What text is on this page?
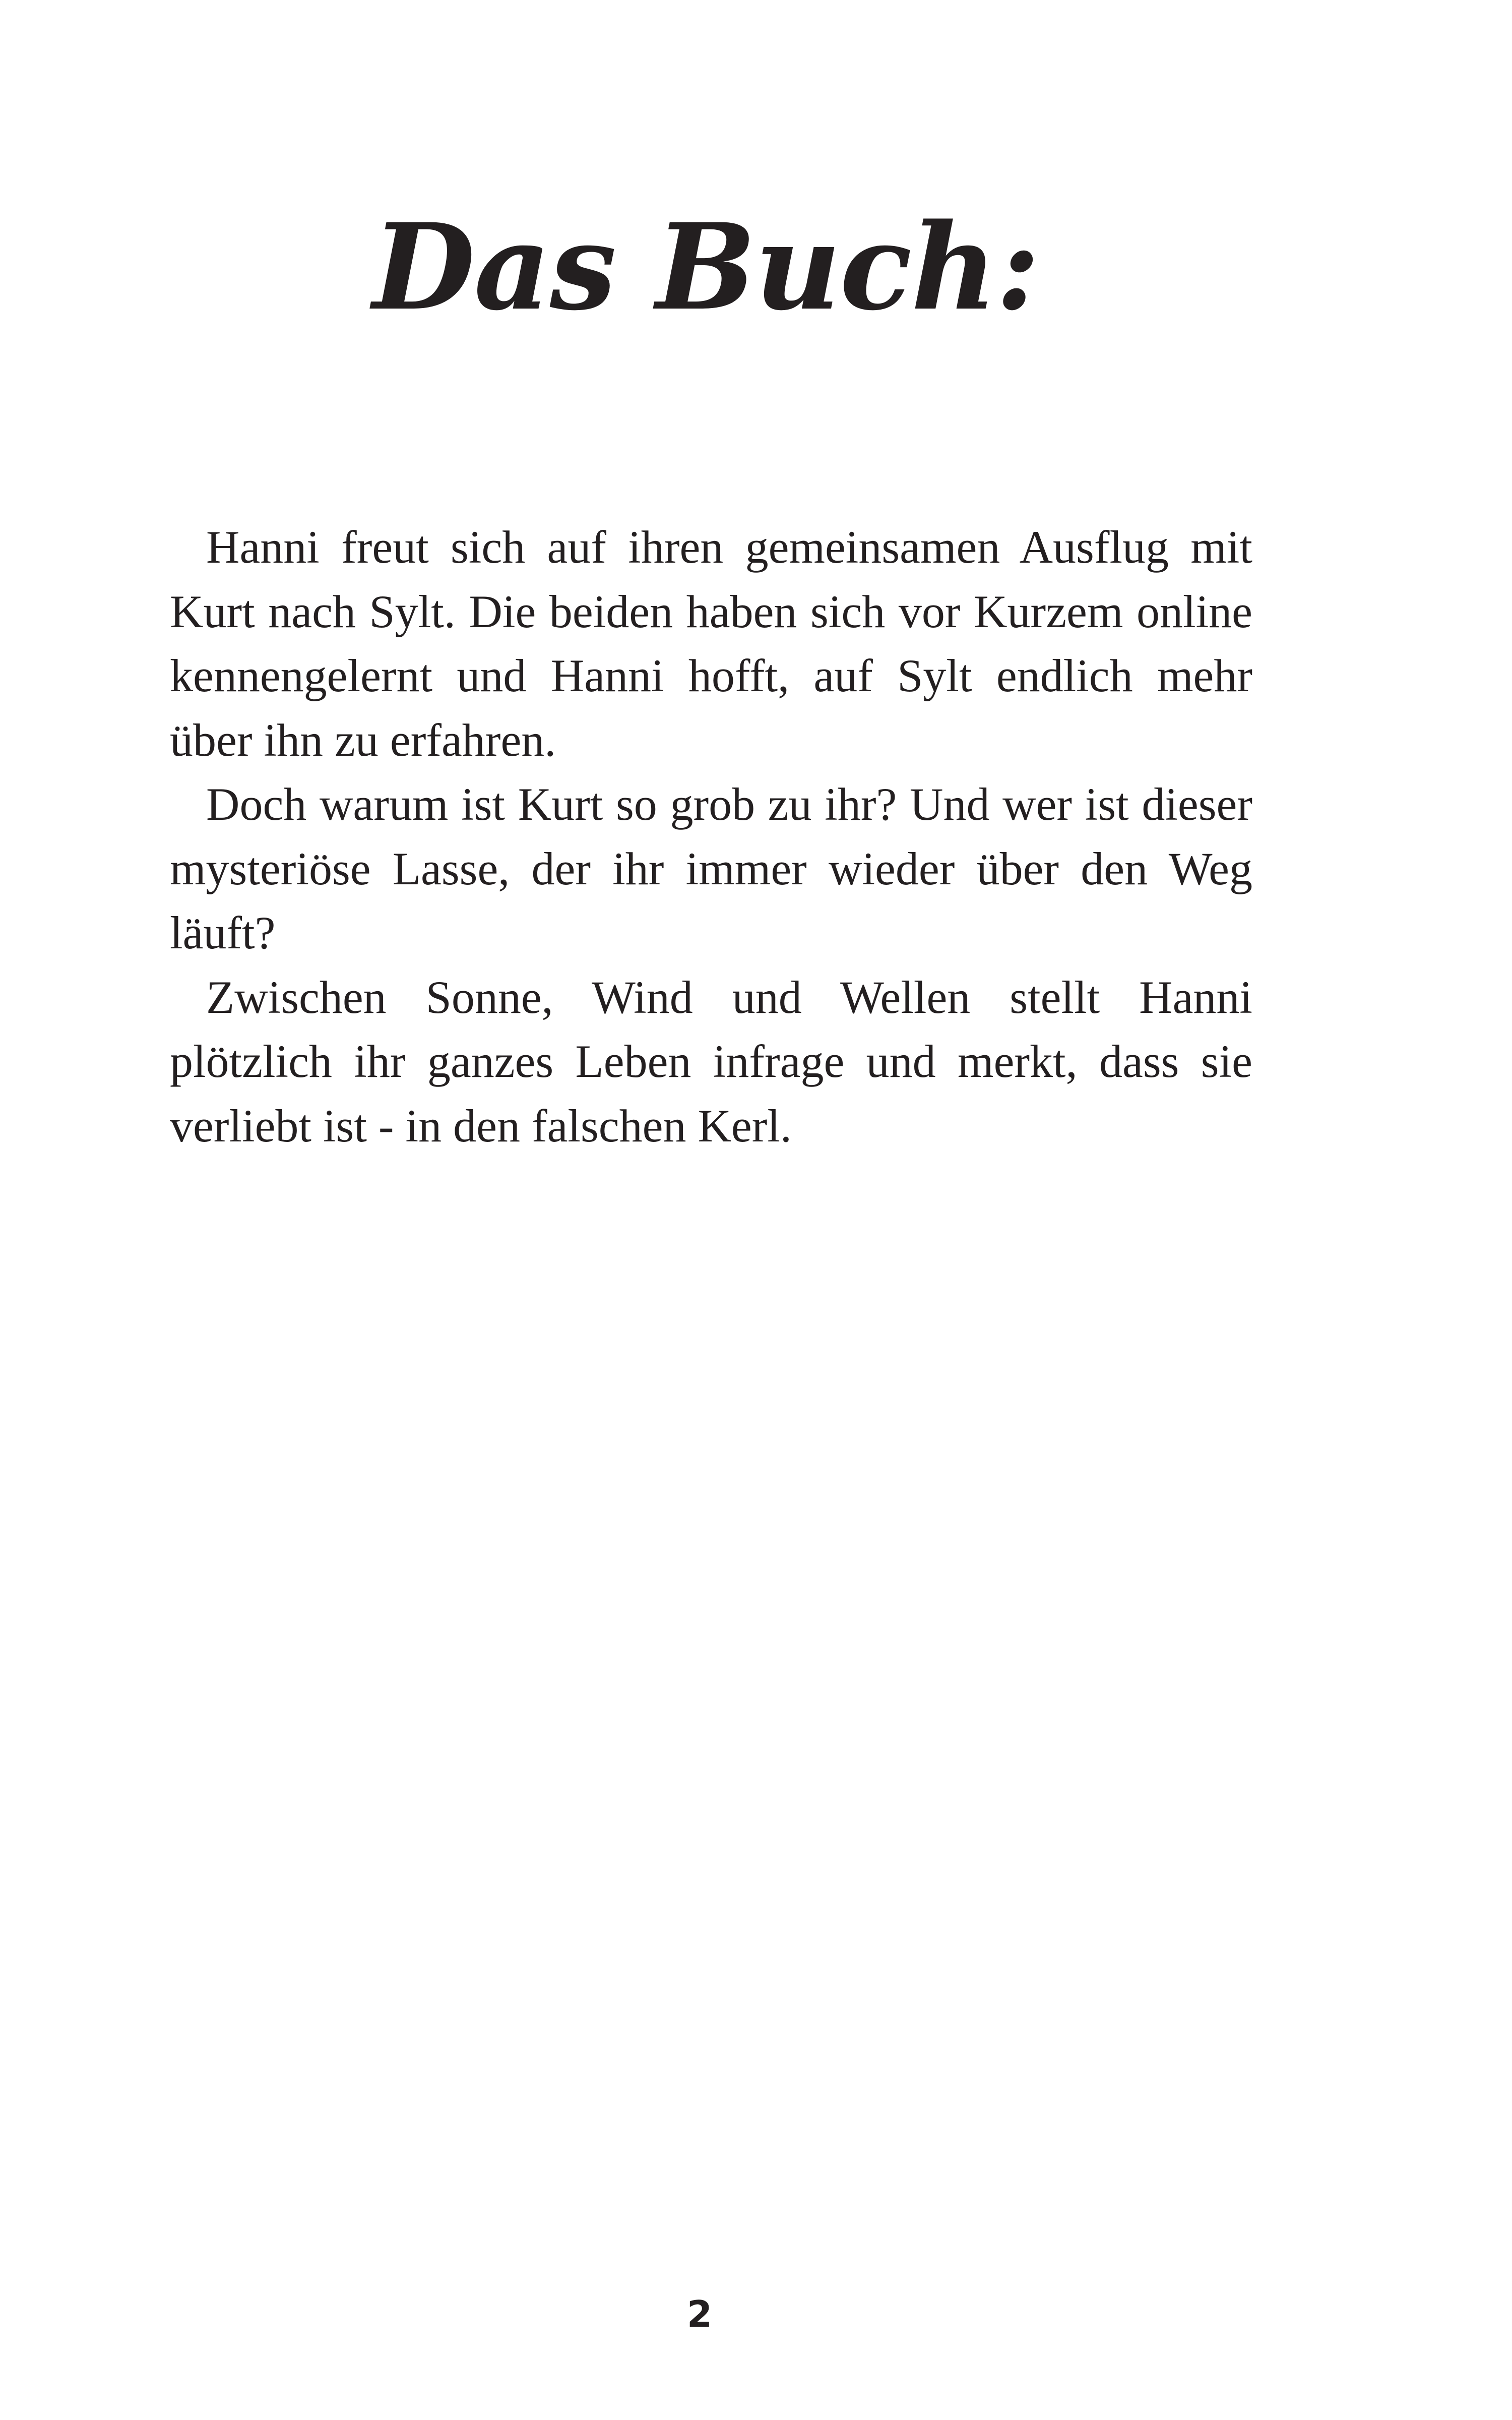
Das Buch:

Hanni freut sich auf ihren gemeinsamen Ausflug mit Kurt nach Sylt. Die beiden haben sich vor Kurzem online kennengelernt und Hanni hofft, auf Sylt endlich mehr über ihn zu erfahren.

Doch warum ist Kurt so grob zu ihr? Und wer ist dieser mysteriöse Lasse, der ihr immer wieder über den Weg läuft?

Zwischen Sonne, Wind und Wellen stellt Hanni plötzlich ihr ganzes Leben infrage und merkt, dass sie verliebt ist - in den falschen Kerl.

2
